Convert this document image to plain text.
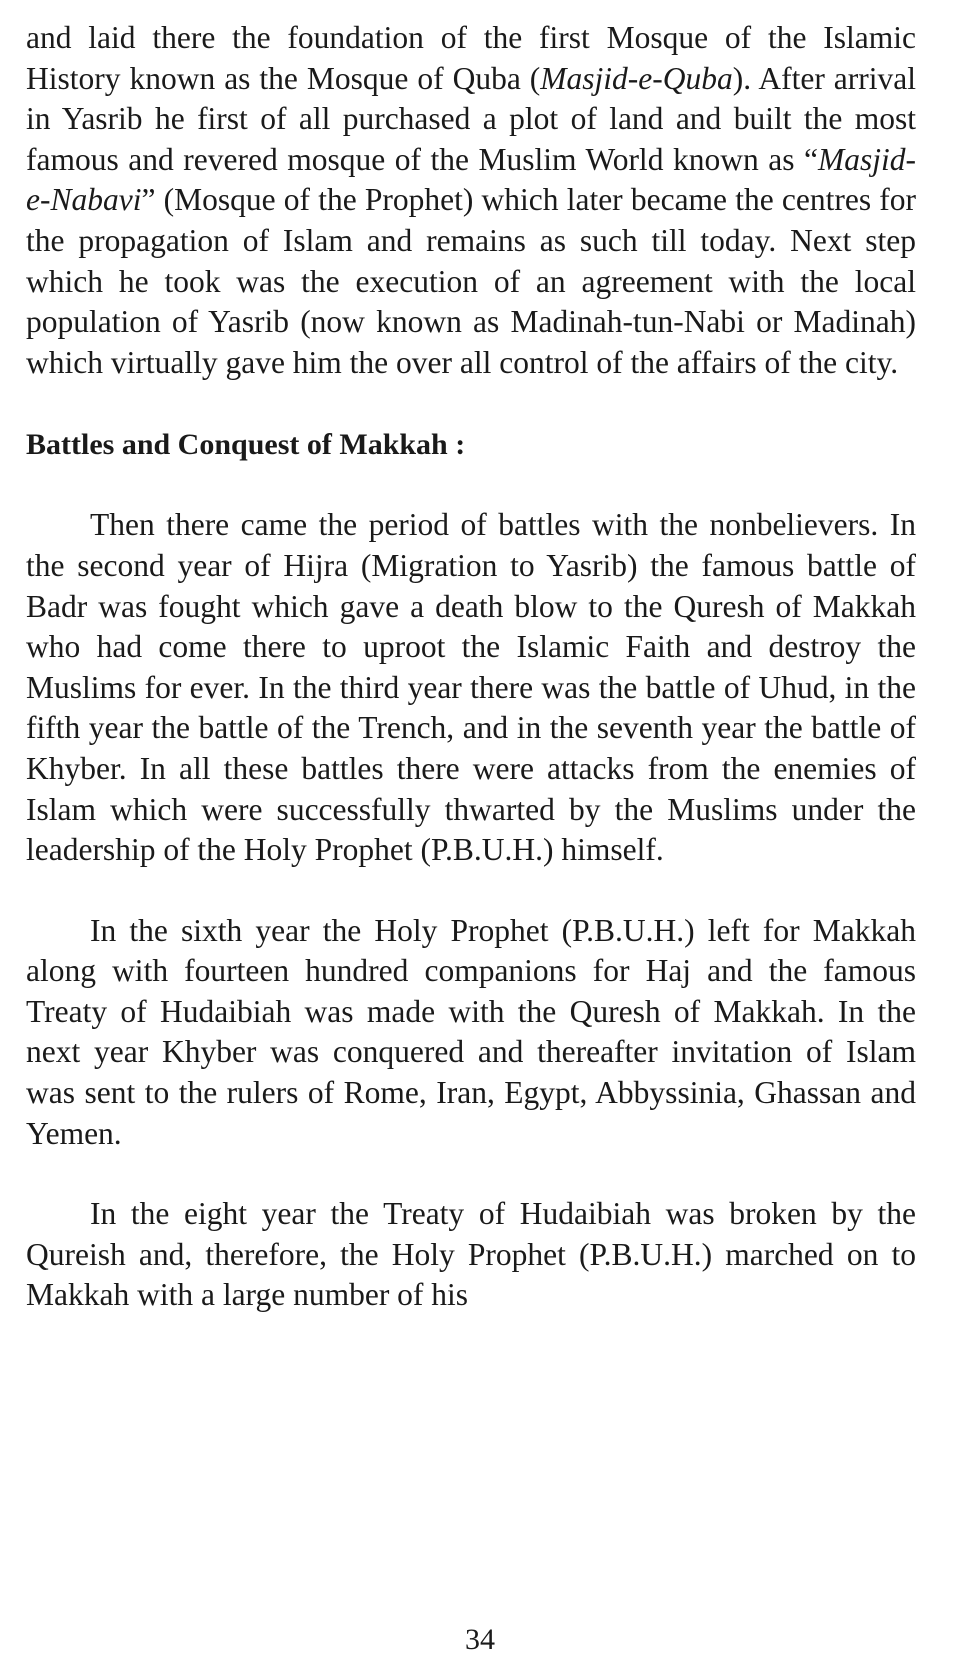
and laid there the foundation of the first Mosque of the Islamic History known as the Mosque of Quba (Masjid-e-Quba). After arrival in Yasrib he first of all purchased a plot of land and built the most famous and revered mosque of the Muslim World known as “Masjid-e-Nabavi” (Mosque of the Prophet) which later became the centres for the propagation of Islam and remains as such till today. Next step which he took was the execution of an agreement with the local population of Yasrib (now known as Madinah-tun-Nabi or Madinah) which virtually gave him the over all control of the affairs of the city.

Battles and Conquest of Makkah :

Then there came the period of battles with the nonbelievers. In the second year of Hijra (Migration to Yasrib) the famous battle of Badr was fought which gave a death blow to the Quresh of Makkah who had come there to uproot the Islamic Faith and destroy the Muslims for ever. In the third year there was the battle of Uhud, in the fifth year the battle of the Trench, and in the seventh year the battle of Khyber. In all these battles there were attacks from the enemies of Islam which were successfully thwarted by the Muslims under the leadership of the Holy Prophet (P.B.U.H.) himself.

In the sixth year the Holy Prophet (P.B.U.H.) left for Makkah along with fourteen hundred companions for Haj and the famous Treaty of Hudaibiah was made with the Quresh of Makkah. In the next year Khyber was conquered and thereafter invitation of Islam was sent to the rulers of Rome, Iran, Egypt, Abbyssinia, Ghassan and Yemen.

In the eight year the Treaty of Hudaibiah was broken by the Qureish and, therefore, the Holy Prophet (P.B.U.H.) marched on to Makkah with a large number of his

34
